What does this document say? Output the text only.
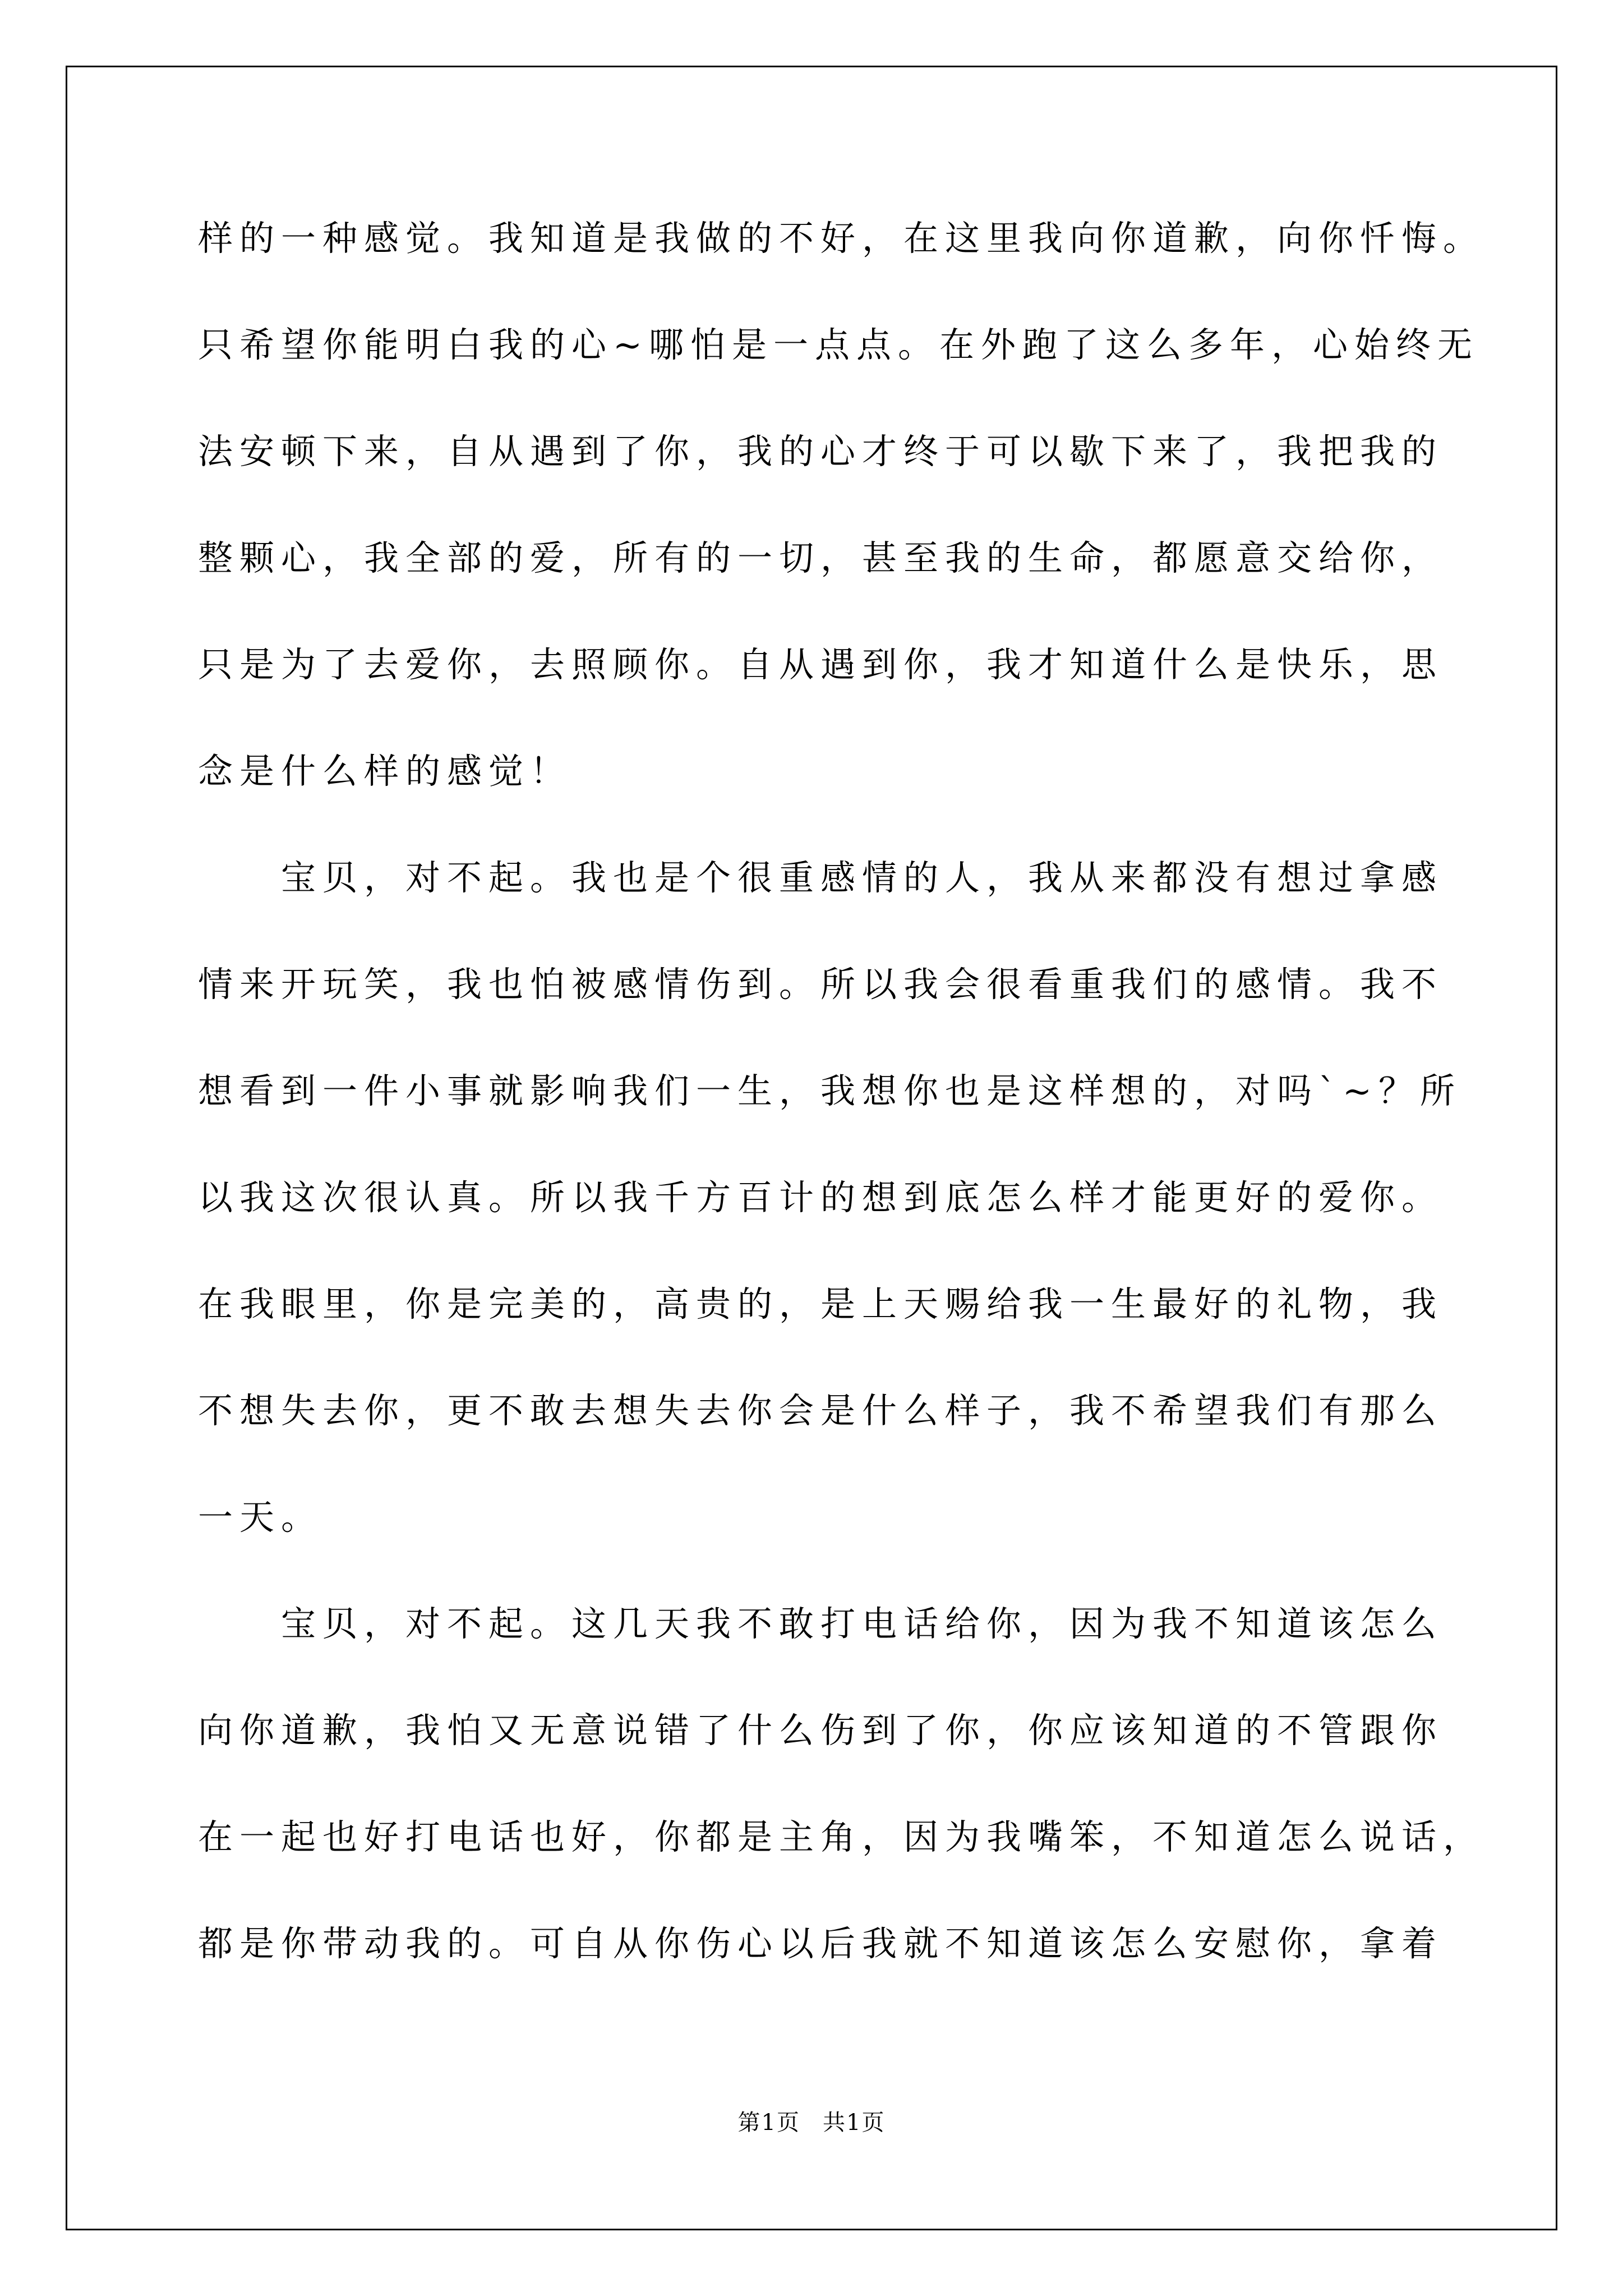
样的一种感觉。我知道是我做的不好，在这里我向你道歉，向你忏悔。
只希望你能明白我的心~哪怕是一点点。在外跑了这么多年，心始终无
法安顿下来，自从遇到了你，我的心才终于可以歇下来了，我把我的
整颗心，我全部的爱，所有的一切，甚至我的生命，都愿意交给你，
只是为了去爱你，去照顾你。自从遇到你，我才知道什么是快乐，思
念是什么样的感觉！
　　宝贝，对不起。我也是个很重感情的人，我从来都没有想过拿感
情来开玩笑，我也怕被感情伤到。所以我会很看重我们的感情。我不
想看到一件小事就影响我们一生，我想你也是这样想的，对吗`~？所
以我这次很认真。所以我千方百计的想到底怎么样才能更好的爱你。
在我眼里，你是完美的，高贵的，是上天赐给我一生最好的礼物，我
不想失去你，更不敢去想失去你会是什么样子，我不希望我们有那么
一天。
　　宝贝，对不起。这几天我不敢打电话给你，因为我不知道该怎么
向你道歉，我怕又无意说错了什么伤到了你，你应该知道的不管跟你
在一起也好打电话也好，你都是主角，因为我嘴笨，不知道怎么说话，
都是你带动我的。可自从你伤心以后我就不知道该怎么安慰你，拿着
第1页 共1页
